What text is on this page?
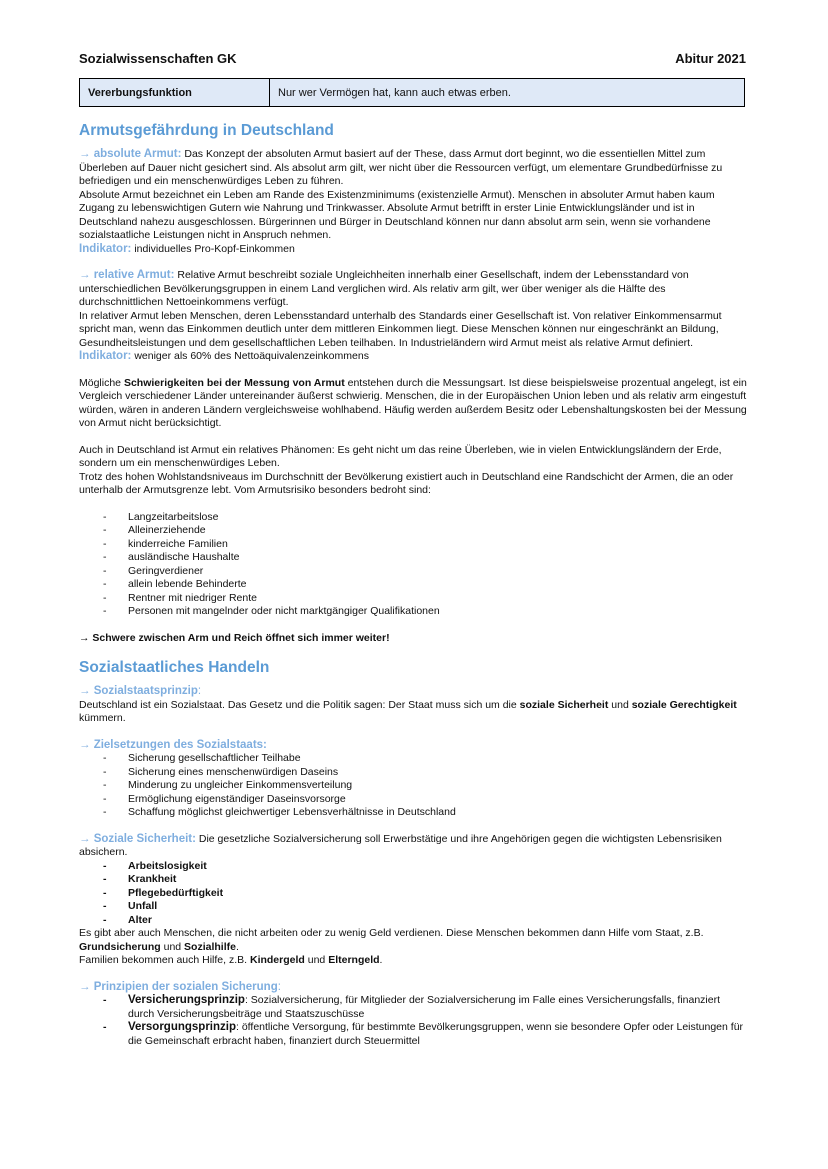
Sozialwissenschaften GK	Abitur 2021
Vererbungsfunktion	Nur wer Vermögen hat, kann auch etwas erben.
Armutsgefährdung in Deutschland

→ absolute Armut: Das Konzept der absoluten Armut basiert auf der These, dass Armut dort beginnt, wo die essentiellen Mittel zum Überleben auf Dauer nicht gesichert sind. Als absolut arm gilt, wer nicht über die Ressourcen verfügt, um elementare Grundbedürfnisse zu befriedigen und ein menschenwürdiges Leben zu führen.

Absolute Armut bezeichnet ein Leben am Rande des Existenzminimums (existenzielle Armut). Menschen in absoluter Armut haben kaum Zugang zu lebenswichtigen Gutern wie Nahrung und Trinkwasser. Absolute Armut betrifft in erster Linie Entwicklungsländer und ist in Deutschland nahezu ausgeschlossen. Bürgerinnen und Bürger in Deutschland können nur dann absolut arm sein, wenn sie vorhandene sozialstaatliche Leistungen nicht in Anspruch nehmen.

Indikator: individuelles Pro-Kopf-Einkommen

→ relative Armut: Relative Armut beschreibt soziale Ungleichheiten innerhalb einer Gesellschaft, indem der Lebensstandard von unterschiedlichen Bevölkerungsgruppen in einem Land verglichen wird. Als relativ arm gilt, wer über weniger als die Hälfte des durchschnittlichen Nettoeinkommens verfügt.

In relativer Armut leben Menschen, deren Lebensstandard unterhalb des Standards einer Gesellschaft ist. Von relativer Einkommensarmut spricht man, wenn das Einkommen deutlich unter dem mittleren Einkommen liegt. Diese Menschen können nur eingeschränkt an Bildung, Gesundheitsleistungen und dem gesellschaftlichen Leben teilhaben. In Industrieländern wird Armut meist als relative Armut definiert.

Indikator: weniger als 60% des Nettoäquivalenzeinkommens

Mögliche Schwierigkeiten bei der Messung von Armut entstehen durch die Messungsart. Ist diese beispielsweise prozentual angelegt, ist ein Vergleich verschiedener Länder untereinander äußerst schwierig. Menschen, die in der Europäischen Union leben und als relativ arm eingestuft würden, wären in anderen Ländern vergleichsweise wohlhabend. Häufig werden außerdem Besitz oder Lebenshaltungskosten bei der Messung von Armut nicht berücksichtigt.

Auch in Deutschland ist Armut ein relatives Phänomen: Es geht nicht um das reine Überleben, wie in vielen Entwicklungsländern der Erde, sondern um ein menschenwürdiges Leben.

Trotz des hohen Wohlstandsniveaus im Durchschnitt der Bevölkerung existiert auch in Deutschland eine Randschicht der Armen, die an oder unterhalb der Armutsgrenze lebt. Vom Armutsrisiko besonders bedroht sind:

- Langzeitarbeitslose
- Alleinerziehende
- kinderreiche Familien
- ausländische Haushalte
- Geringverdiener
- allein lebende Behinderte
- Rentner mit niedriger Rente
- Personen mit mangelnder oder nicht marktgängiger Qualifikationen

→ Schwere zwischen Arm und Reich öffnet sich immer weiter!

Sozialstaatliches Handeln

→ Sozialstaatsprinzip:

Deutschland ist ein Sozialstaat. Das Gesetz und die Politik sagen: Der Staat muss sich um die soziale Sicherheit und soziale Gerechtigkeit kümmern.

→ Zielsetzungen des Sozialstaats:

- Sicherung gesellschaftlicher Teilhabe
- Sicherung eines menschenwürdigen Daseins
- Minderung zu ungleicher Einkommensverteilung
- Ermöglichung eigenständiger Daseinsvorsorge
- Schaffung möglichst gleichwertiger Lebensverhältnisse in Deutschland

→ Soziale Sicherheit: Die gesetzliche Sozialversicherung soll Erwerbstätige und ihre Angehörigen gegen die wichtigsten Lebensrisiken absichern.

- Arbeitslosigkeit
- Krankheit
- Pflegebedürftigkeit
- Unfall
- Alter

Es gibt aber auch Menschen, die nicht arbeiten oder zu wenig Geld verdienen. Diese Menschen bekommen dann Hilfe vom Staat, z.B. Grundsicherung und Sozialhilfe.

Familien bekommen auch Hilfe, z.B. Kindergeld und Elterngeld.

→ Prinzipien der sozialen Sicherung:

- Versicherungsprinzip: Sozialversicherung, für Mitglieder der Sozialversicherung im Falle eines Versicherungsfalls, finanziert durch Versicherungsbeiträge und Staatszuschüsse
- Versorgungsprinzip: öffentliche Versorgung, für bestimmte Bevölkerungsgruppen, wenn sie besondere Opfer oder Leistungen für die Gemeinschaft erbracht haben, finanziert durch Steuermittel
